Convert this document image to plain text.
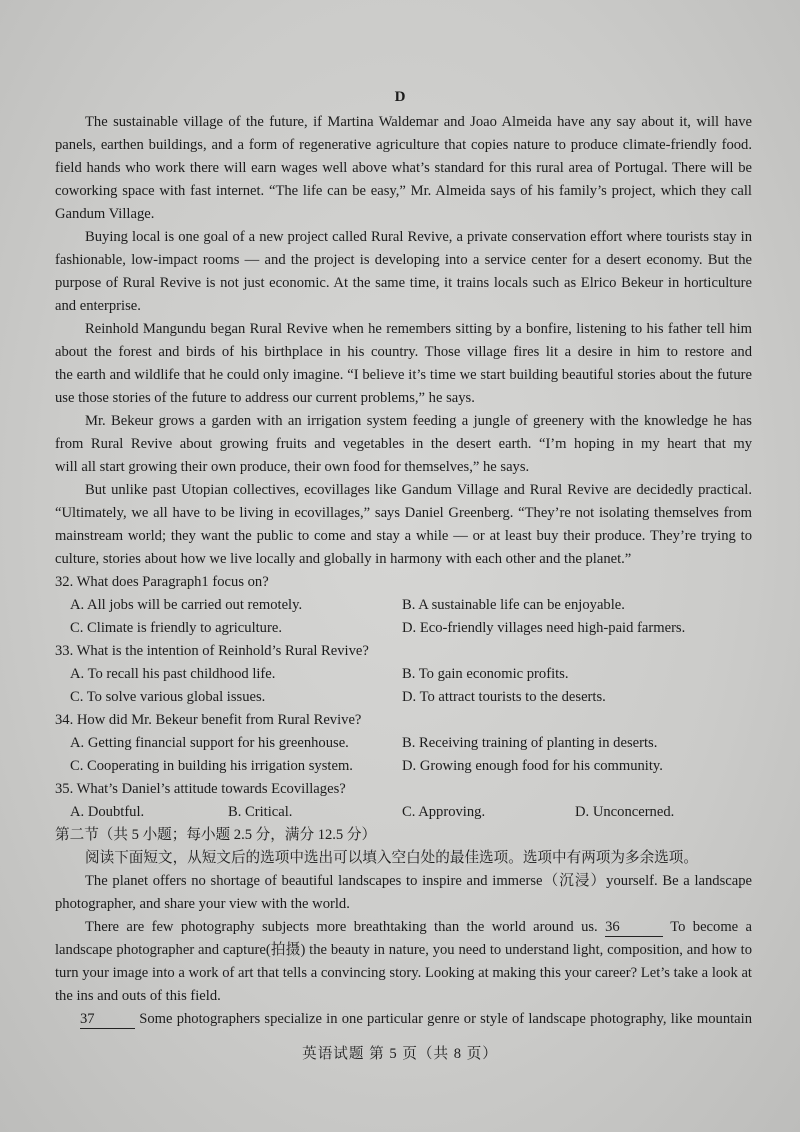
D
The sustainable village of the future, if Martina Waldemar and Joao Almeida have any say about it, will have
panels, earthen buildings, and a form of regenerative agriculture that copies nature to produce climate-friendly food.
field hands who work there will earn wages well above what’s standard for this rural area of Portugal. There will be
coworking space with fast internet. “The life can be easy,” Mr. Almeida says of his family’s project, which they call
Gandum Village.
Buying local is one goal of a new project called Rural Revive, a private conservation effort where tourists stay in
fashionable, low-impact rooms — and the project is developing into a service center for a desert economy. But the
purpose of Rural Revive is not just economic. At the same time, it trains locals such as Elrico Bekeur in horticulture
and enterprise.
Reinhold Mangundu began Rural Revive when he remembers sitting by a bonfire, listening to his father tell him
about the forest and birds of his birthplace in his country. Those village fires lit a desire in him to restore and
the earth and wildlife that he could only imagine. “I believe it’s time we start building beautiful stories about the future
use those stories of the future to address our current problems,” he says.
Mr. Bekeur grows a garden with an irrigation system feeding a jungle of greenery with the knowledge he has
from Rural Revive about growing fruits and vegetables in the desert earth. “I’m hoping in my heart that my
will all start growing their own produce, their own food for themselves,” he says.
But unlike past Utopian collectives, ecovillages like Gandum Village and Rural Revive are decidedly practical.
“Ultimately, we all have to be living in ecovillages,” says Daniel Greenberg. “They’re not isolating themselves from
mainstream world; they want the public to come and stay a while — or at least buy their produce. They’re trying to
culture, stories about how we live locally and globally in harmony with each other and the planet.”
32. What does Paragraph1 focus on?
A. All jobs will be carried out remotely.	B. A sustainable life can be enjoyable.
C. Climate is friendly to agriculture.	D. Eco-friendly villages need high-paid farmers.
33. What is the intention of Reinhold’s Rural Revive?
A. To recall his past childhood life.	B. To gain economic profits.
C. To solve various global issues.	D. To attract tourists to the deserts.
34. How did Mr. Bekeur benefit from Rural Revive?
A. Getting financial support for his greenhouse.	B. Receiving training of planting in deserts.
C. Cooperating in building his irrigation system.	D. Growing enough food for his community.
35. What’s Daniel’s attitude towards Ecovillages?
A. Doubtful.	B. Critical.	C. Approving.	D. Unconcerned.
第二节（共 5 小题；每小题 2.5 分，满分 12.5 分）
阅读下面短文，从短文后的选项中选出可以填入空白处的最佳选项。选项中有两项为多余选项。
The planet offers no shortage of beautiful landscapes to inspire and immerse（沉浸）yourself. Be a landscape
photographer, and share your view with the world.
There are few photography subjects more breathtaking than the world around us. 36	To become a
landscape photographer and capture(拍摄) the beauty in nature, you need to understand light, composition, and how to
turn your image into a work of art that tells a convincing story. Looking at making this your career? Let’s take a look at
the ins and outs of this field.
37	Some photographers specialize in one particular genre or style of landscape photography, like mountain
英语试题 第 5 页（共 8 页）
